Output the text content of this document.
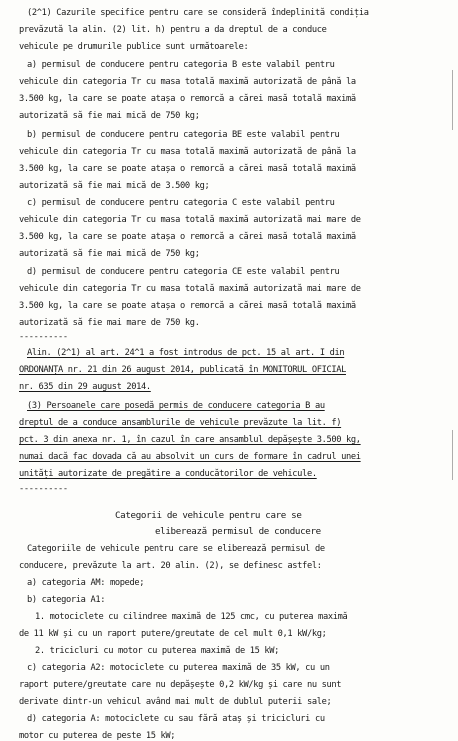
(2^1) Cazurile specifice pentru care se consideră îndeplinită condiția
prevăzută la alin. (2) lit. h) pentru a da dreptul de a conduce
vehicule pe drumurile publice sunt următoarele:
a) permisul de conducere pentru categoria B este valabil pentru
vehicule din categoria Tr cu masa totală maximă autorizată de până la
3.500 kg, la care se poate atașa o remorcă a cărei masă totală maximă
autorizată să fie mai mică de 750 kg;
b) permisul de conducere pentru categoria BE este valabil pentru
vehicule din categoria Tr cu masa totală maximă autorizată de până la
3.500 kg, la care se poate atașa o remorcă a cărei masă totală maximă
autorizată să fie mai mică de 3.500 kg;
c) permisul de conducere pentru categoria C este valabil pentru
vehicule din categoria Tr cu masa totală maximă autorizată mai mare de
3.500 kg, la care se poate atașa o remorcă a cărei masă totală maximă
autorizată să fie mai mică de 750 kg;
d) permisul de conducere pentru categoria CE este valabil pentru
vehicule din categoria Tr cu masa totală maximă autorizată mai mare de
3.500 kg, la care se poate atașa o remorcă a cărei masă totală maximă
autorizată să fie mai mare de 750 kg.
----------
Alin. (2^1) al art. 24^1 a fost introdus de pct. 15 al art. I din
ORDONANȚA nr. 21 din 26 august 2014, publicată în MONITORUL OFICIAL
nr. 635 din 29 august 2014.
(3) Persoanele care posedă permis de conducere categoria B au
dreptul de a conduce ansamblurile de vehicule prevăzute la lit. f)
pct. 3 din anexa nr. 1, în cazul în care ansamblul depășește 3.500 kg,
numai dacă fac dovada că au absolvit un curs de formare în cadrul unei
unități autorizate de pregătire a conducătorilor de vehicule.
----------
Categorii de vehicule pentru care se
eliberează permisul de conducere
Categoriile de vehicule pentru care se eliberează permisul de
conducere, prevăzute la art. 20 alin. (2), se definesc astfel:
a) categoria AM: mopede;
b) categoria A1:
1. motociclete cu cilindree maximă de 125 cmc, cu puterea maximă
de 11 kW și cu un raport putere/greutate de cel mult 0,1 kW/kg;
2. tricicluri cu motor cu puterea maximă de 15 kW;
c) categoria A2: motociclete cu puterea maximă de 35 kW, cu un
raport putere/greutate care nu depășește 0,2 kW/kg și care nu sunt
derivate dintr-un vehicul având mai mult de dublul puterii sale;
d) categoria A: motociclete cu sau fără ataș și tricicluri cu
motor cu puterea de peste 15 kW;
